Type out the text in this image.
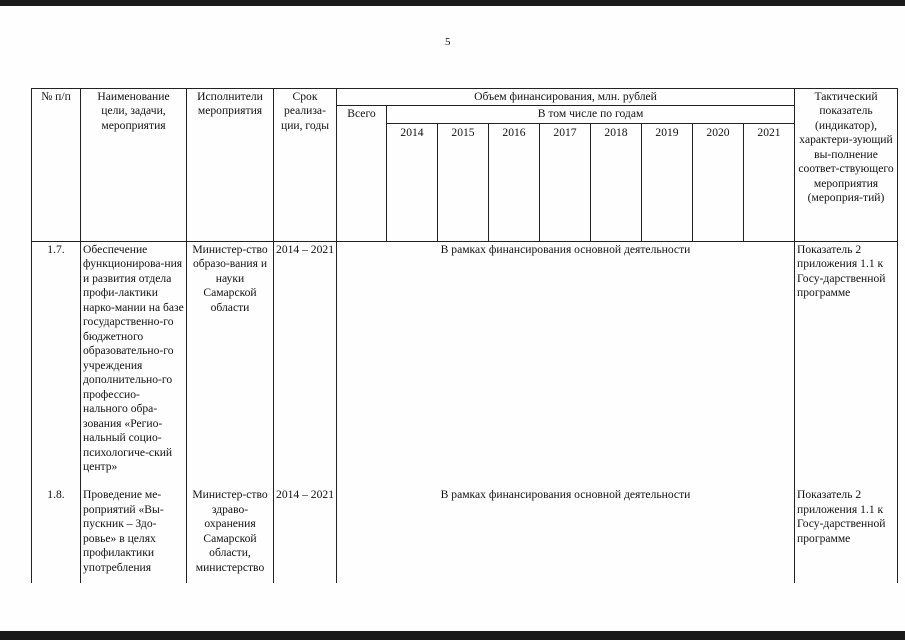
5
№ п/п	Наименование цели, задачи, мероприятия	Исполнители мероприятия	Срок реализа-ции, годы	Объем финансирования, млн. рублей									Тактический показатель (индикатор), характери-зующий вы-полнение соответ-ствующего мероприятия (мероприя-тий)
				Всего	В том числе по годам								
					2014	2015	2016	2017	2018	2019	2020	2021	
1.7.	Обеспечение функционирова-ния и развития отдела профи-лактики нарко-мании на базе государственно-го бюджетного образовательно-го учреждения дополнительно-го профессио-нального обра-зования «Регио-нальный социо-психологиче-ский центр»	Министер-ство образо-вания и науки Самарской области	2014 – 2021	В рамках финансирования основной деятельности									Показатель 2 приложения 1.1 к Госу-дарственной программе
1.8.	Проведение ме-роприятий «Вы-пускник – Здо-ровье» в целях профилактики употребления	Министер-ство здраво-охранения Самарской области, министерство	2014 – 2021	В рамках финансирования основной деятельности									Показатель 2 приложения 1.1 к Госу-дарственной программе
